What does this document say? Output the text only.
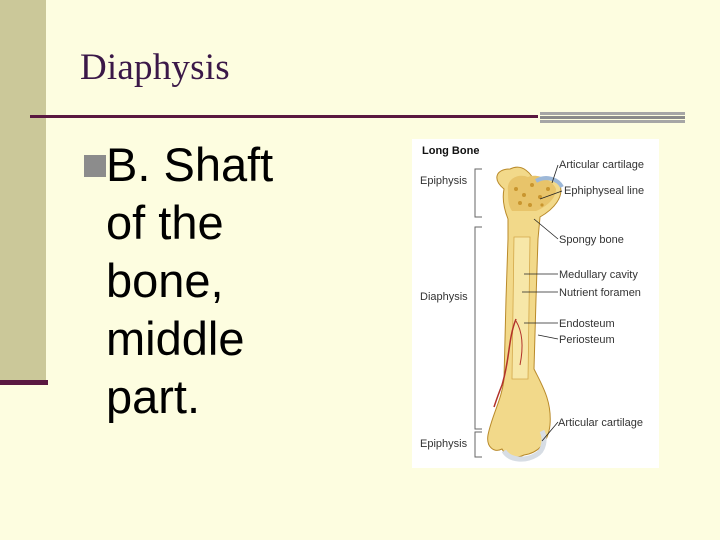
Diaphysis
B. Shaft
of the
bone,
middle
part.
Long Bone
Epiphysis
Diaphysis
Epiphysis
Articular cartilage
Ephiphyseal line
Spongy bone
Medullary cavity
Nutrient foramen
Endosteum
Periosteum
Articular cartilage
